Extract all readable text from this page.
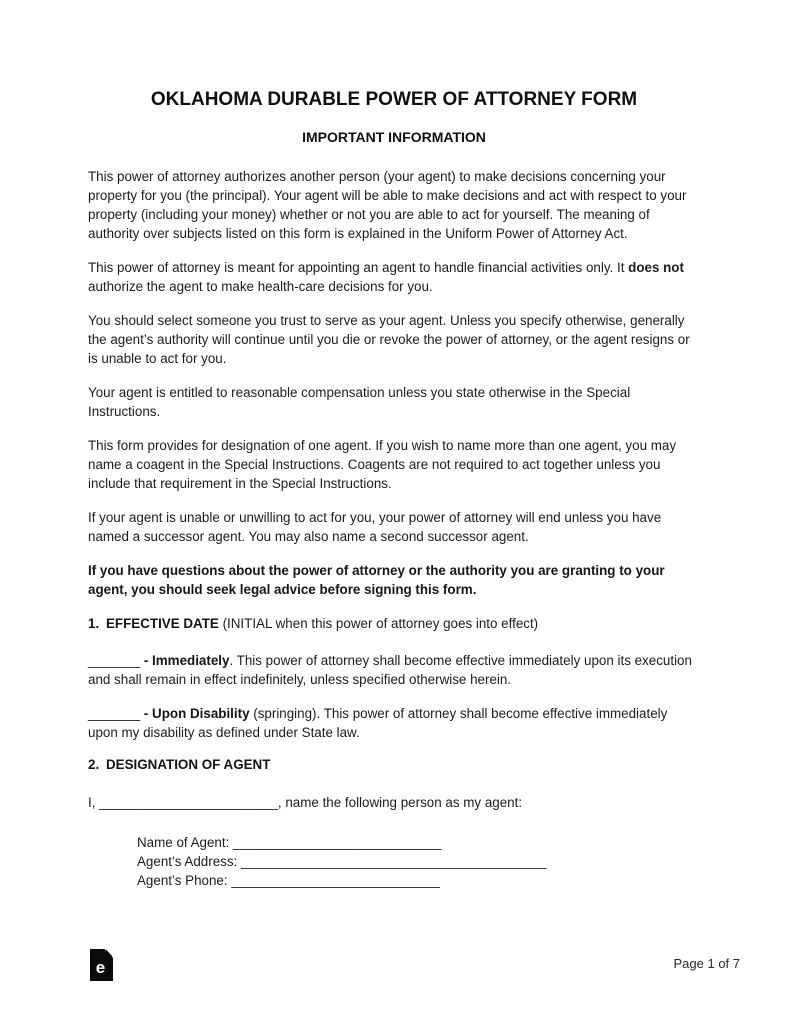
OKLAHOMA DURABLE POWER OF ATTORNEY FORM
IMPORTANT INFORMATION

This power of attorney authorizes another person (your agent) to make decisions concerning your property for you (the principal). Your agent will be able to make decisions and act with respect to your property (including your money) whether or not you are able to act for yourself. The meaning of authority over subjects listed on this form is explained in the Uniform Power of Attorney Act.

This power of attorney is meant for appointing an agent to handle financial activities only. It does not authorize the agent to make health-care decisions for you.

You should select someone you trust to serve as your agent. Unless you specify otherwise, generally the agent’s authority will continue until you die or revoke the power of attorney, or the agent resigns or is unable to act for you.

Your agent is entitled to reasonable compensation unless you state otherwise in the Special Instructions.

This form provides for designation of one agent. If you wish to name more than one agent, you may name a coagent in the Special Instructions. Coagents are not required to act together unless you include that requirement in the Special Instructions.

If your agent is unable or unwilling to act for you, your power of attorney will end unless you have named a successor agent. You may also name a second successor agent.

If you have questions about the power of attorney or the authority you are granting to your agent, you should seek legal advice before signing this form.

1. EFFECTIVE DATE (INITIAL when this power of attorney goes into effect)

_______ - Immediately. This power of attorney shall become effective immediately upon its execution and shall remain in effect indefinitely, unless specified otherwise herein.

_______ - Upon Disability (springing). This power of attorney shall become effective immediately upon my disability as defined under State law.

2. DESIGNATION OF AGENT

I, ________________________, name the following person as my agent:

Name of Agent: ____________________________

Agent’s Address: _________________________________________

Agent’s Phone: ____________________________

e	Page 1 of 7
